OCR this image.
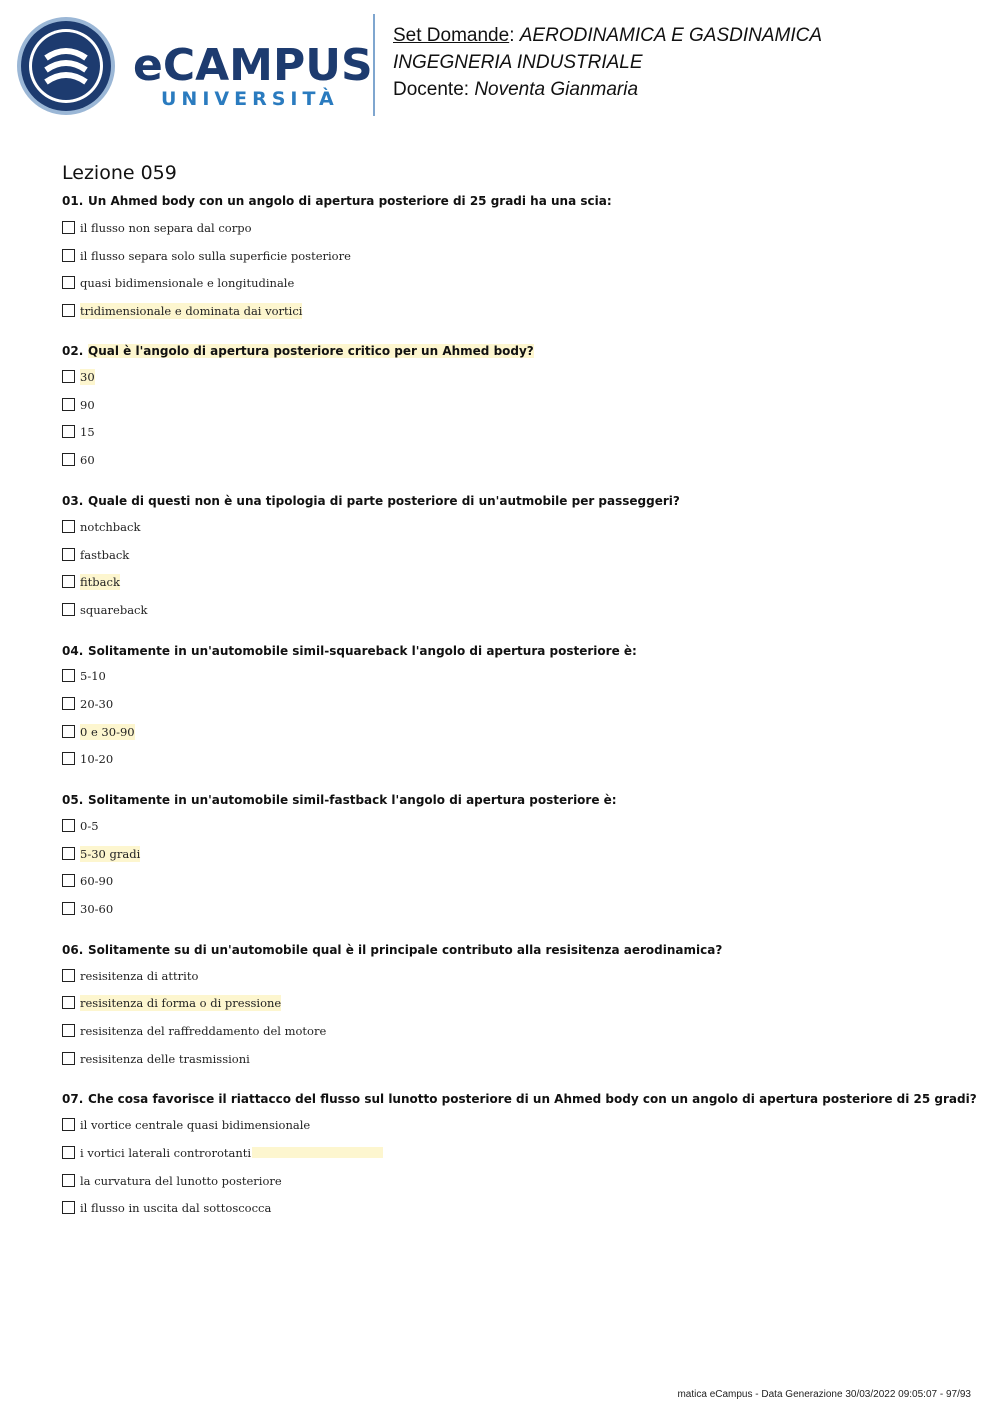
eCAMPUS
UNIVERSITÀ
Set Domande: AERODINAMICA E GASDINAMICA
INGEGNERIA INDUSTRIALE
Docente: Noventa Gianmaria
Lezione 059
01. Un Ahmed body con un angolo di apertura posteriore di 25 gradi ha una scia:
il flusso non separa dal corpo
il flusso separa solo sulla superficie posteriore
quasi bidimensionale e longitudinale
tridimensionale e dominata dai vortici
02. Qual è l'angolo di apertura posteriore critico per un Ahmed body?
30
90
15
60
03. Quale di questi non è una tipologia di parte posteriore di un'autmobile per passeggeri?
notchback
fastback
fitback
squareback
04. Solitamente in un'automobile simil-squareback l'angolo di apertura posteriore è:
5-10
20-30
0 e 30-90
10-20
05. Solitamente in un'automobile simil-fastback l'angolo di apertura posteriore è:
0-5
5-30 gradi
60-90
30-60
06. Solitamente su di un'automobile qual è il principale contributo alla resisitenza aerodinamica?
resisitenza di attrito
resisitenza di forma o di pressione
resisitenza del raffreddamento del motore
resisitenza delle trasmissioni
07. Che cosa favorisce il riattacco del flusso sul lunotto posteriore di un Ahmed body con un angolo di apertura posteriore di 25 gradi?
il vortice centrale quasi bidimensionale
i vortici laterali controrotanti
la curvatura del lunotto posteriore
il flusso in uscita dal sottoscocca
matica eCampus - Data Generazione 30/03/2022 09:05:07 - 97/93
